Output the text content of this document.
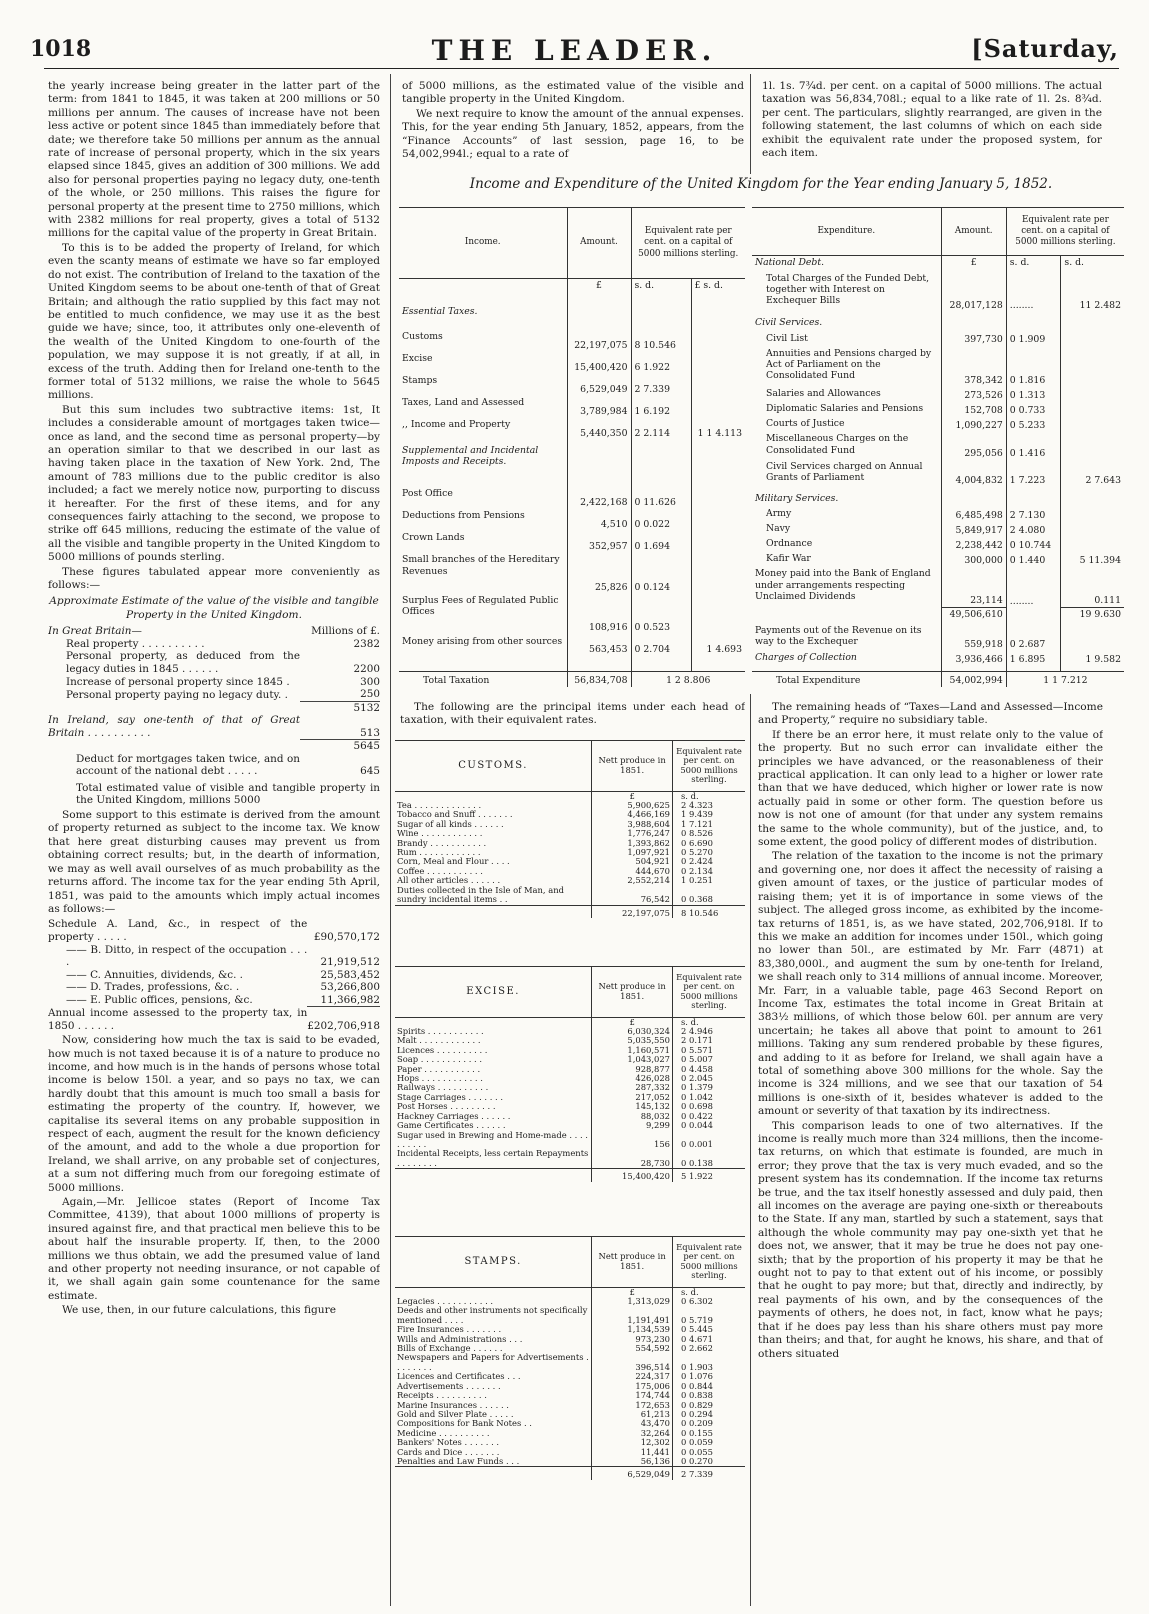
1018	THE LEADER.	[Saturday,

the yearly increase being greater in the latter part of the term: from 1841 to 1845, it was taken at 200 millions or 50 millions per annum. The causes of increase have not been less active or potent since 1845 than immediately before that date; we therefore take 50 millions per annum as the annual rate of increase of personal property, which in the six years elapsed since 1845, gives an addition of 300 millions. We add also for personal properties paying no legacy duty, one-tenth of the whole, or 250 millions. This raises the figure for personal property at the present time to 2750 millions, which with 2382 millions for real property, gives a total of 5132 millions for the capital value of the property in Great Britain.

To this is to be added the property of Ireland, for which even the scanty means of estimate we have so far employed do not exist. The contribution of Ireland to the taxation of the United Kingdom seems to be about one-tenth of that of Great Britain; and although the ratio supplied by this fact may not be entitled to much confidence, we may use it as the best guide we have; since, too, it attributes only one-eleventh of the wealth of the United Kingdom to one-fourth of the population, we may suppose it is not greatly, if at all, in excess of the truth. Adding then for Ireland one-tenth to the former total of 5132 millions, we raise the whole to 5645 millions.

But this sum includes two subtractive items: 1st, It includes a considerable amount of mortgages taken twice—once as land, and the second time as personal property—by an operation similar to that we described in our last as having taken place in the taxation of New York. 2nd, The amount of 783 millions due to the public creditor is also included; a fact we merely notice now, purporting to discuss it hereafter. For the first of these items, and for any consequences fairly attaching to the second, we propose to strike off 645 millions, reducing the estimate of the value of all the visible and tangible property in the United Kingdom to 5000 millions of pounds sterling.

These figures tabulated appear more conveniently as follows:—

Approximate Estimate of the value of the visible and tangible Property in the United Kingdom.

In Great Britain—	Millions of £.
Real property . . . . . . . . . .	2382
Personal property, as deduced from the legacy duties in 1845 . . . . . .	2200
Increase of personal property since 1845 .	300
Personal property paying no legacy duty. .	250
	5132
In Ireland, say one-tenth of that of Great Britain . . . . . . . . . .	513
	5645
Deduct for mortgages taken twice, and on account of the national debt . . . . .	645
Total estimated value of visible and tangible property in the United Kingdom, millions 5000	

Some support to this estimate is derived from the amount of property returned as subject to the income tax. We know that here great disturbing causes may prevent us from obtaining correct results; but, in the dearth of information, we may as well avail ourselves of as much probability as the returns afford. The income tax for the year ending 5th April, 1851, was paid to the amounts which imply actual incomes as follows:—

Schedule A. Land, &c., in respect of the property . . . . .	£90,570,172
—— B. Ditto, in respect of the occupation . . . .	21,919,512
—— C. Annuities, dividends, &c. .	25,583,452
—— D. Trades, professions, &c. .	53,266,800
—— E. Public offices, pensions, &c.	11,366,982
Annual income assessed to the property tax, in 1850 . . . . . .	£202,706,918

Now, considering how much the tax is said to be evaded, how much is not taxed because it is of a nature to produce no income, and how much is in the hands of persons whose total income is below 150l. a year, and so pays no tax, we can hardly doubt that this amount is much too small a basis for estimating the property of the country. If, however, we capitalise its several items on any probable supposition in respect of each, augment the result for the known deficiency of the amount, and add to the whole a due proportion for Ireland, we shall arrive, on any probable set of conjectures, at a sum not differing much from our foregoing estimate of 5000 millions.

Again,—Mr. Jellicoe states (Report of Income Tax Committee, 4139), that about 1000 millions of property is insured against fire, and that practical men believe this to be about half the insurable property. If, then, to the 2000 millions we thus obtain, we add the presumed value of land and other property not needing insurance, or not capable of it, we shall again gain some countenance for the same estimate.

We use, then, in our future calculations, this figure

of 5000 millions, as the estimated value of the visible and tangible property in the United Kingdom.

We next require to know the amount of the annual expenses. This, for the year ending 5th January, 1852, appears, from the “Finance Accounts” of last session, page 16, to be 54,002,994l.; equal to a rate of

1l. 1s. 7¾d. per cent. on a capital of 5000 millions. The actual taxation was 56,834,708l.; equal to a like rate of 1l. 2s. 8¾d. per cent. The particulars, slightly rearranged, are given in the following statement, the last columns of which on each side exhibit the equivalent rate under the proposed system, for each item.

Income and Expenditure of the United Kingdom for the Year ending January 5, 1852.
Income.	Amount.	Equivalent rate per cent. on a capital of 5000 millions sterling.	
	£	s. d.	£ s. d.
Essential Taxes.			
Customs	22,197,075	8 10.546	
Excise	15,400,420	6 1.922	
Stamps	6,529,049	2 7.339	
Taxes, Land and Assessed	3,789,984	1 6.192	
,, Income and Property	5,440,350	2 2.114	1 1 4.113
Supplemental and Incidental Imposts and Receipts.			
Post Office	2,422,168	0 11.626	
Deductions from Pensions	4,510	0 0.022	
Crown Lands	352,957	0 1.694	
Small branches of the Hereditary Revenues	25,826	0 0.124	
Surplus Fees of Regulated Public Offices	108,916	0 0.523	
Money arising from other sources	563,453	0 2.704	1 4.693

Total Taxation	56,834,708	1 2 8.806	
Expenditure.	Amount.	Equivalent rate per cent. on a capital of 5000 millions sterling.	
National Debt.	£	s. d.	s. d.
Total Charges of the Funded Debt, together with Interest on Exchequer Bills	28,017,128	........	11 2.482
Civil Services.			
Civil List	397,730	0 1.909	
Annuities and Pensions charged by Act of Parliament on the Consolidated Fund	378,342	0 1.816	
Salaries and Allowances	273,526	0 1.313	
Diplomatic Salaries and Pensions	152,708	0 0.733	
Courts of Justice	1,090,227	0 5.233	
Miscellaneous Charges on the Consolidated Fund	295,056	0 1.416	
Civil Services charged on Annual Grants of Parliament	4,004,832	1 7.223	2 7.643
Military Services.			
Army	6,485,498	2 7.130	
Navy	5,849,917	2 4.080	
Ordnance	2,238,442	0 10.744	
Kafir War	300,000	0 1.440	5 11.394
Money paid into the Bank of England under arrangements respecting Unclaimed Dividends	23,114	........	0.111
	49,506,610		19 9.630
Payments out of the Revenue on its way to the Exchequer	559,918	0 2.687	
Charges of Collection	3,936,466	1 6.895	1 9.582

Total Expenditure	54,002,994	1 1 7.212	

The following are the principal items under each head of taxation, with their equivalent rates.

CUSTOMS.	Nett produce in 1851.	Equivalent rate per cent. on 5000 millions sterling.
	£	s. d.
Tea . . . . . . . . . . . . .	5,900,625	2 4.323
Tobacco and Snuff . . . . . . .	4,466,169	1 9.439
Sugar of all kinds . . . . . .	3,988,604	1 7.121
Wine . . . . . . . . . . . .	1,776,247	0 8.526
Brandy . . . . . . . . . . .	1,393,862	0 6.690
Rum . . . . . . . . . . . .	1,097,921	0 5.270
Corn, Meal and Flour . . . .	504,921	0 2.424
Coffee . . . . . . . . . . .	444,670	0 2.134
All other articles . . . . . .	2,552,214	1 0.251
Duties collected in the Isle of Man, and sundry incidental items . .	76,542	0 0.368
	22,197,075	8 10.546
EXCISE.	Nett produce in 1851.	Equivalent rate per cent. on 5000 millions sterling.
	£	s. d.
Spirits . . . . . . . . . . .	6,030,324	2 4.946
Malt . . . . . . . . . . . .	5,035,550	2 0.171
Licences . . . . . . . . . .	1,160,571	0 5.571
Soap . . . . . . . . . . . .	1,043,027	0 5.007
Paper . . . . . . . . . . .	928,877	0 4.458
Hops . . . . . . . . . . . .	426,028	0 2.045
Railways . . . . . . . . . .	287,332	0 1.379
Stage Carriages . . . . . . .	217,052	0 1.042
Post Horses . . . . . . . . .	145,132	0 0.698
Hackney Carriages . . . . . .	88,032	0 0.422
Game Certificates . . . . . .	9,299	0 0.044
Sugar used in Brewing and Home-made . . . . . . . . . .	156	0 0.001
Incidental Receipts, less certain Repayments . . . . . . . .	28,730	0 0.138
	15,400,420	5 1.922
STAMPS.	Nett produce in 1851.	Equivalent rate per cent. on 5000 millions sterling.
	£	s. d.
Legacies . . . . . . . . . . .	1,313,029	0 6.302
Deeds and other instruments not specifically mentioned . . . .	1,191,491	0 5.719
Fire Insurances . . . . . . .	1,134,539	0 5.445
Wills and Administrations . . .	973,230	0 4.671
Bills of Exchange . . . . . .	554,592	0 2.662
Newspapers and Papers for Advertisements . . . . . . . .	396,514	0 1.903
Licences and Certificates . . .	224,317	0 1.076
Advertisements . . . . . . .	175,006	0 0.844
Receipts . . . . . . . . . .	174,744	0 0.838
Marine Insurances . . . . . .	172,653	0 0.829
Gold and Silver Plate . . . . .	61,213	0 0.294
Compositions for Bank Notes . .	43,470	0 0.209
Medicine . . . . . . . . . .	32,264	0 0.155
Bankers' Notes . . . . . . .	12,302	0 0.059
Cards and Dice . . . . . . .	11,441	0 0.055
Penalties and Law Funds . . .	56,136	0 0.270
	6,529,049	2 7.339

The remaining heads of “Taxes—Land and Assessed—Income and Property,” require no subsidiary table.

If there be an error here, it must relate only to the value of the property. But no such error can invalidate either the principles we have advanced, or the reasonableness of their practical application. It can only lead to a higher or lower rate than that we have deduced, which higher or lower rate is now actually paid in some or other form. The question before us now is not one of amount (for that under any system remains the same to the whole community), but of the justice, and, to some extent, the good policy of different modes of distribution.

The relation of the taxation to the income is not the primary and governing one, nor does it affect the necessity of raising a given amount of taxes, or the justice of particular modes of raising them; yet it is of importance in some views of the subject. The alleged gross income, as exhibited by the income-tax returns of 1851, is, as we have stated, 202,706,918l. If to this we make an addition for incomes under 150l., which going no lower than 50l., are estimated by Mr. Farr (4871) at 83,380,000l., and augment the sum by one-tenth for Ireland, we shall reach only to 314 millions of annual income. Moreover, Mr. Farr, in a valuable table, page 463 Second Report on Income Tax, estimates the total income in Great Britain at 383½ millions, of which those below 60l. per annum are very uncertain; he takes all above that point to amount to 261 millions. Taking any sum rendered probable by these figures, and adding to it as before for Ireland, we shall again have a total of something above 300 millions for the whole. Say the income is 324 millions, and we see that our taxation of 54 millions is one-sixth of it, besides whatever is added to the amount or severity of that taxation by its indirectness.

This comparison leads to one of two alternatives. If the income is really much more than 324 millions, then the income-tax returns, on which that estimate is founded, are much in error; they prove that the tax is very much evaded, and so the present system has its condemnation. If the income tax returns be true, and the tax itself honestly assessed and duly paid, then all incomes on the average are paying one-sixth or thereabouts to the State. If any man, startled by such a statement, says that although the whole community may pay one-sixth yet that he does not, we answer, that it may be true he does not pay one-sixth; that by the proportion of his property it may be that he ought not to pay to that extent out of his income, or possibly that he ought to pay more; but that, directly and indirectly, by real payments of his own, and by the consequences of the payments of others, he does not, in fact, know what he pays; that if he does pay less than his share others must pay more than theirs; and that, for aught he knows, his share, and that of others situated
